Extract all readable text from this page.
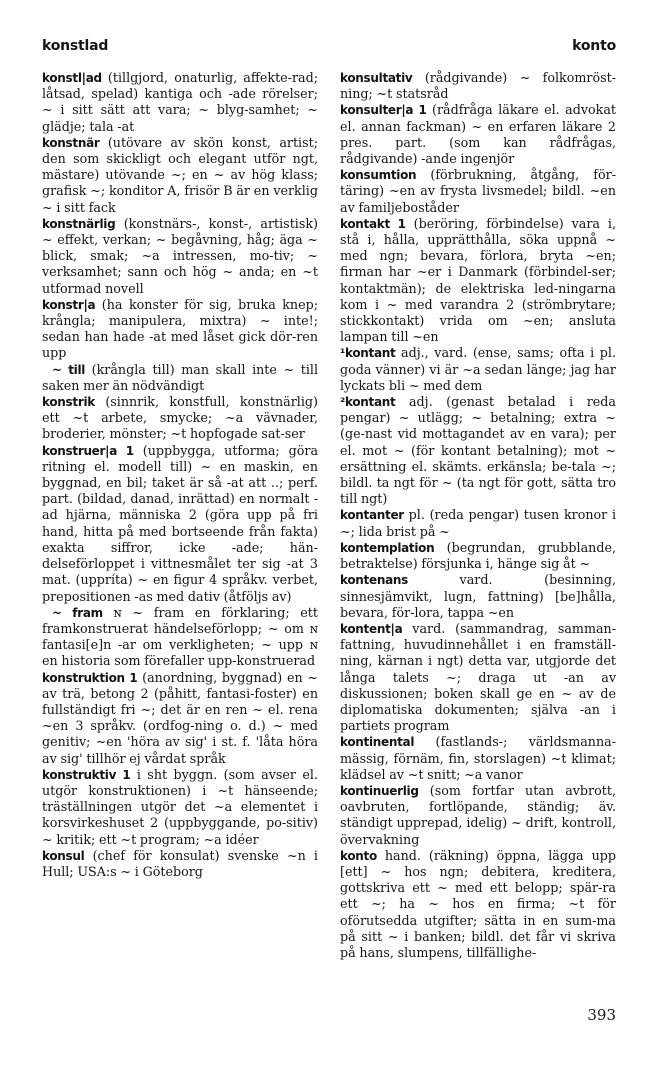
konstlad	konto

konstl|ad (tillgjord, onaturlig, affekte-rad; låtsad, spelad) kantiga och -ade rörelser; ~ i sitt sätt att vara; ~ blyg-samhet; ~ glädje; tala -at

konstnär (utövare av skön konst, artist; den som skickligt och elegant utför ngt, mästare) utövande ~; en ~ av hög klass; grafisk ~; konditor A, frisör B är en verklig ~ i sitt fack

konstnärlig (konstnärs-, konst-, artistisk) ~ effekt, verkan; ~ begåvning, håg; äga ~ blick, smak; ~a intressen, mo-tiv; ~ verksamhet; sann och hög ~ anda; en ~t utformad novell

konstr|a (ha konster för sig, bruka knep; krångla; manipulera, mixtra) ~ inte!; sedan han hade -at med låset gick dör-ren upp

~ till (krångla till) man skall inte ~ till saken mer än nödvändigt

konstrik (sinnrik, konstfull, konstnärlig) ett ~t arbete, smycke; ~a vävnader, broderier, mönster; ~t hopfogade sat-ser

konstruer|a 1 (uppbygga, utforma; göra ritning el. modell till) ~ en maskin, en byggnad, en bil; taket är så -at att ..; perf. part. (bildad, danad, inrättad) en normalt -ad hjärna, människa 2 (göra upp på fri hand, hitta på med bortseende från fakta) exakta siffror, icke -ade; hän-delseförloppet i vittnesmålet ter sig -at 3 mat. (uppríta) ~ en figur 4 språkv. verbet, prepositionen -as med dativ (åtföljs av)

~ fram ɴ ~ fram en förklaring; ett framkonstruerat händelseförlopp; ~ om ɴ fantasi[e]n -ar om verkligheten; ~ upp ɴ en historia som förefaller upp-konstruerad

konstruktion 1 (anordning, byggnad) en ~ av trä, betong 2 (påhitt, fantasi-foster) en fullständigt fri ~; det är en ren ~ el. rena ~en 3 språkv. (ordfog-ning o. d.) ~ med genitiv; ~en 'höra av sig' i st. f. 'låta höra av sig' tillhör ej vårdat språk

konstruktiv 1 i sht byggn. (som avser el. utgör konstruktionen) i ~t hänseende; träställningen utgör det ~a elementet i korsvirkeshuset 2 (uppbyggande, po-sitiv) ~ kritik; ett ~t program; ~a idéer

konsul (chef för konsulat) svenske ~n i Hull; USA:s ~ i Göteborg

konsultativ (rådgivande) ~ folkomröst-ning; ~t statsråd

konsulter|a 1 (rådfråga läkare el. advokat el. annan fackman) ~ en erfaren läkare 2 pres. part. (som kan rådfrågas, rådgivande) -ande ingenjör

konsumtion (förbrukning, åtgång, för-täring) ~en av frysta livsmedel; bildl. ~en av familjeboståder

kontakt 1 (beröring, förbindelse) vara i, stå i, hålla, upprätthålla, söka uppnå ~ med ngn; bevara, förlora, bryta ~en; firman har ~er i Danmark (förbindel-ser; kontaktmän); de elektriska led-ningarna kom i ~ med varandra 2 (strömbrytare; stickkontakt) vrida om ~en; ansluta lampan till ~en

¹kontant adj., vard. (ense, sams; ofta i pl. goda vänner) vi är ~a sedan länge; jag har lyckats bli ~ med dem

²kontant adj. (genast betalad i reda pengar) ~ utlägg; ~ betalning; extra ~ (ge-nast vid mottagandet av en vara); per el. mot ~ (för kontant betalning); mot ~ ersättning el. skämts. erkänsla; be-tala ~; bildl. ta ngt för ~ (ta ngt för gott, sätta tro till ngt)

kontanter pl. (reda pengar) tusen kronor i ~; lida brist på ~

kontemplation (begrundan, grubblande, betraktelse) försjunka i, hänge sig åt ~

kontenans vard. (besinning, sinnesjämvikt, lugn, fattning) [be]hålla, bevara, för-lora, tappa ~en

kontent|a vard. (sammandrag, samman-fattning, huvudinnehållet i en framställ-ning, kärnan i ngt) detta var, utgjorde det långa talets ~; draga ut -an av diskussionen; boken skall ge en ~ av de diplomatiska dokumenten; själva -an i partiets program

kontinental (fastlands-; världsmanna-mässig, förnäm, fin, storslagen) ~t klimat; klädsel av ~t snitt; ~a vanor

kontinuerlig (som fortfar utan avbrott, oavbruten, fortlöpande, ständig; äv. ständigt upprepad, idelig) ~ drift, kontroll, övervakning

konto hand. (räkning) öppna, lägga upp [ett] ~ hos ngn; debitera, kreditera, gottskriva ett ~ med ett belopp; spär-ra ett ~; ha ~ hos en firma; ~t för oförutsedda utgifter; sätta in en sum-ma på sitt ~ i banken; bildl. det får vi skriva på hans, slumpens, tillfällighe-

393
